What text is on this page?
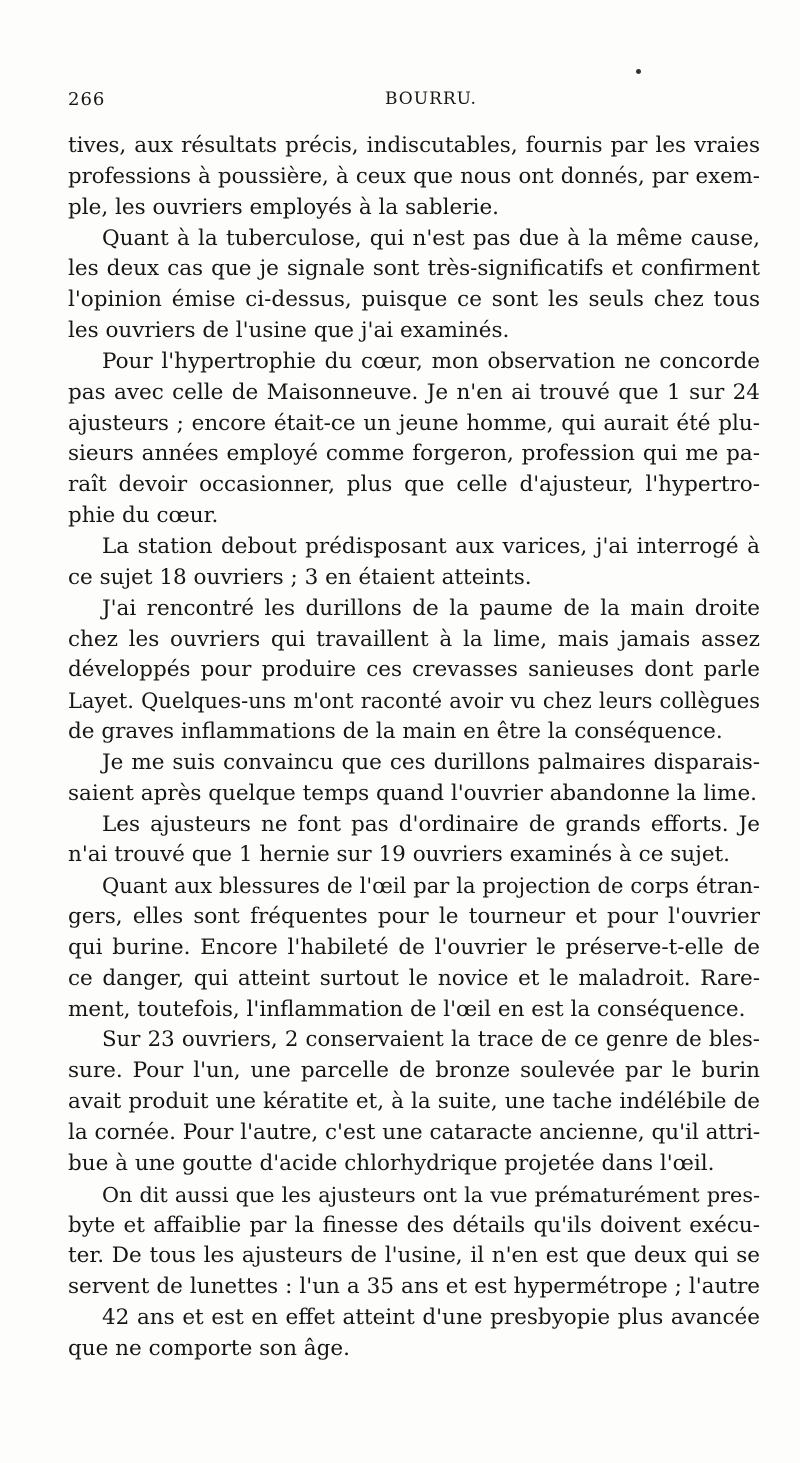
266	BOURRU.
tives, aux résultats précis, indiscutables, fournis par les vraies
professions à poussière, à ceux que nous ont donnés, par exem-
ple, les ouvriers employés à la sablerie.
Quant à la tuberculose, qui n'est pas due à la même cause,
les deux cas que je signale sont très-significatifs et confirment
l'opinion émise ci-dessus, puisque ce sont les seuls chez tous
les ouvriers de l'usine que j'ai examinés.
Pour l'hypertrophie du cœur, mon observation ne concorde
pas avec celle de Maisonneuve. Je n'en ai trouvé que 1 sur 24
ajusteurs ; encore était-ce un jeune homme, qui aurait été plu-
sieurs années employé comme forgeron, profession qui me pa-
raît devoir occasionner, plus que celle d'ajusteur, l'hypertro-
phie du cœur.
La station debout prédisposant aux varices, j'ai interrogé à
ce sujet 18 ouvriers ; 3 en étaient atteints.
J'ai rencontré les durillons de la paume de la main droite
chez les ouvriers qui travaillent à la lime, mais jamais assez
développés pour produire ces crevasses sanieuses dont parle
Layet. Quelques-uns m'ont raconté avoir vu chez leurs collègues
de graves inflammations de la main en être la conséquence.
Je me suis convaincu que ces durillons palmaires disparais-
saient après quelque temps quand l'ouvrier abandonne la lime.
Les ajusteurs ne font pas d'ordinaire de grands efforts. Je
n'ai trouvé que 1 hernie sur 19 ouvriers examinés à ce sujet.
Quant aux blessures de l'œil par la projection de corps étran-
gers, elles sont fréquentes pour le tourneur et pour l'ouvrier
qui burine. Encore l'habileté de l'ouvrier le préserve-t-elle de
ce danger, qui atteint surtout le novice et le maladroit. Rare-
ment, toutefois, l'inflammation de l'œil en est la conséquence.
Sur 23 ouvriers, 2 conservaient la trace de ce genre de bles-
sure. Pour l'un, une parcelle de bronze soulevée par le burin
avait produit une kératite et, à la suite, une tache indélébile de
la cornée. Pour l'autre, c'est une cataracte ancienne, qu'il attri-
bue à une goutte d'acide chlorhydrique projetée dans l'œil.
On dit aussi que les ajusteurs ont la vue prématurément pres-
byte et affaiblie par la finesse des détails qu'ils doivent exécu-
ter. De tous les ajusteurs de l'usine, il n'en est que deux qui se
servent de lunettes : l'un a 35 ans et est hypermétrope ; l'autre
42 ans et est en effet atteint d'une presbyopie plus avancée
que ne comporte son âge.
